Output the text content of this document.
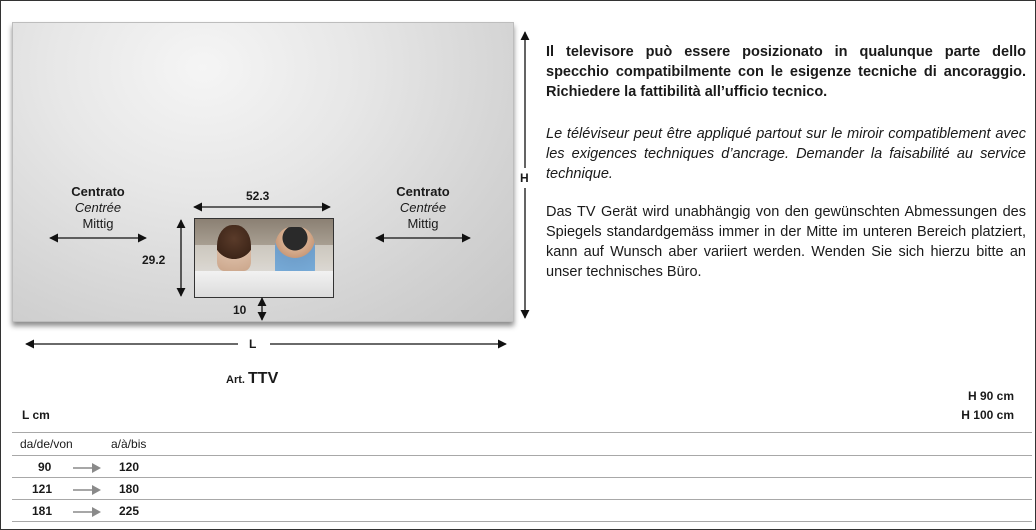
Centrato
Centrée
Mittig
Centrato
Centrée
Mittig
52.3
29.2
10
L
H
Art. TTV
Il televisore può essere posizionato in qualunque parte dello specchio compatibilmente con le esigenze tecniche di ancoraggio. Richiedere la fattibilità all’ufficio tecnico.
Le téléviseur peut être appliqué partout sur le miroir compatiblement avec les exigences techniques d’ancrage. Demander la faisabilité au service technique.
Das TV Gerät wird unabhängig von den gewünschten Abmessungen des Spiegels standardgemäss immer in der Mitte im unteren Bereich platziert, kann auf Wunsch aber variiert werden. Wenden Sie sich hierzu bitte an unser technisches Büro.
L cm
H 90 cm
H 100 cm
da/de/von	a/à/bis
90	120
121	180
181	225
